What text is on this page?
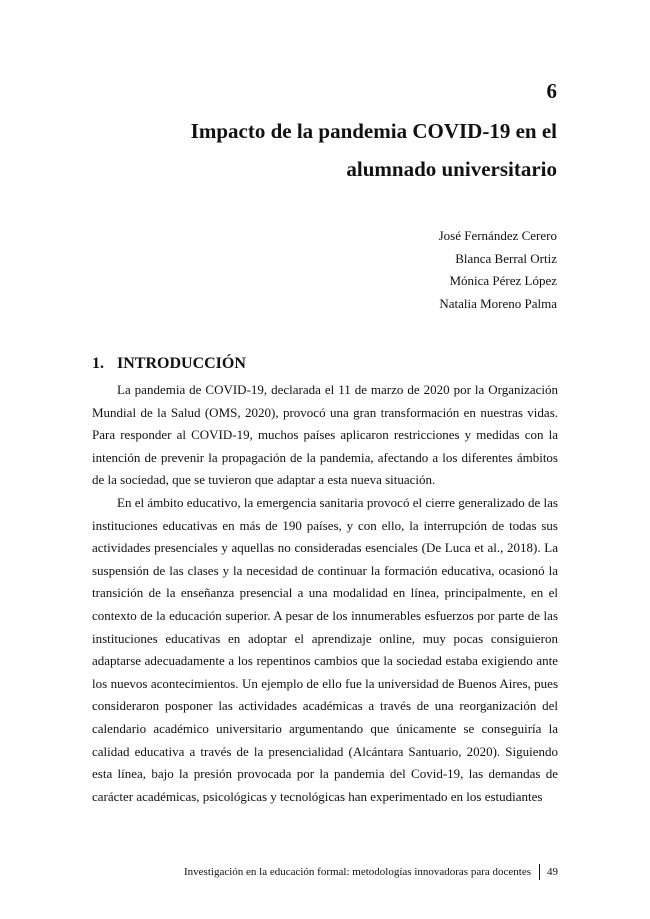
6
Impacto de la pandemia COVID-19 en el
alumnado universitario
José Fernández Cerero
Blanca Berral Ortiz
Mónica Pérez López
Natalia Moreno Palma
1. INTRODUCCIÓN

La pandemia de COVID-19, declarada el 11 de marzo de 2020 por la Organización Mundial de la Salud (OMS, 2020), provocó una gran transformación en nuestras vidas. Para responder al COVID-19, muchos países aplicaron restricciones y medidas con la intención de prevenir la propagación de la pandemia, afectando a los diferentes ámbitos de la sociedad, que se tuvieron que adaptar a esta nueva situación.

En el ámbito educativo, la emergencia sanitaria provocó el cierre generalizado de las instituciones educativas en más de 190 países, y con ello, la interrupción de todas sus actividades presenciales y aquellas no consideradas esenciales (De Luca et al., 2018). La suspensión de las clases y la necesidad de continuar la formación educativa, ocasionó la transición de la enseñanza presencial a una modalidad en línea, principalmente, en el contexto de la educación superior. A pesar de los innumerables esfuerzos por parte de las instituciones educativas en adoptar el aprendizaje online, muy pocas consiguieron adaptarse adecuadamente a los repentinos cambios que la sociedad estaba exigiendo ante los nuevos acontecimientos. Un ejemplo de ello fue la universidad de Buenos Aires, pues consideraron posponer las actividades académicas a través de una reorganización del calendario académico universitario argumentando que únicamente se conseguiría la calidad educativa a través de la presencialidad (Alcántara Santuario, 2020). Siguiendo esta línea, bajo la presión provocada por la pandemia del Covid-19, las demandas de carácter académicas, psicológicas y tecnológicas han experimentado en los estudiantes

Investigación en la educación formal: metodologías innovadoras para docentes 49
